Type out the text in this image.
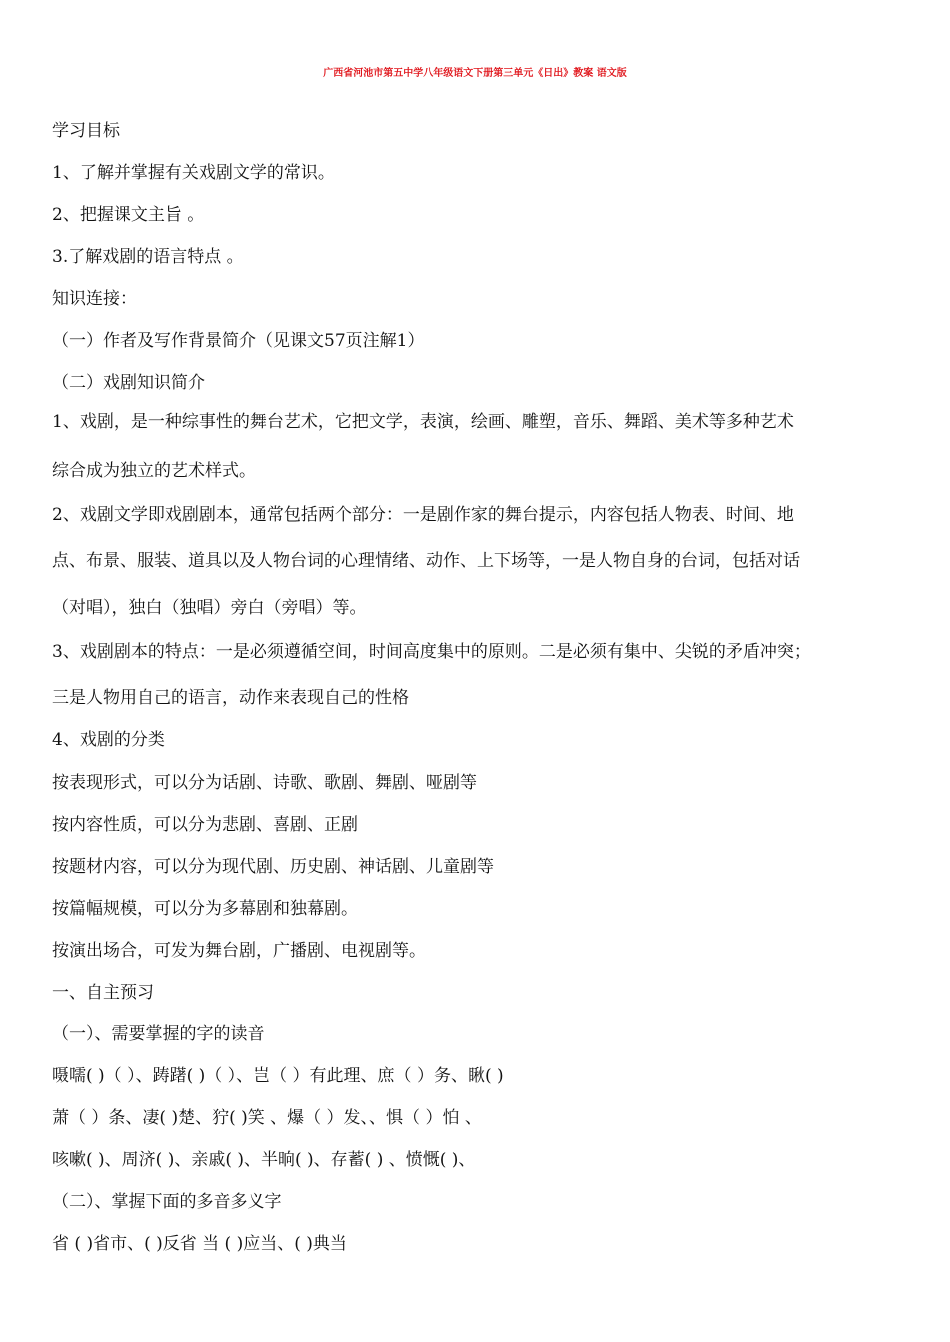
广西省河池市第五中学八年级语文下册第三单元《日出》教案 语文版
学习目标
1、了解并掌握有关戏剧文学的常识。
2、把握课文主旨 。
3.了解戏剧的语言特点 。
知识连接：
（一）作者及写作背景简介（见课文57页注解1）
（二）戏剧知识简介
1、戏剧，是一种综事性的舞台艺术，它把文学，表演，绘画、雕塑，音乐、舞蹈、美术等多种艺术
综合成为独立的艺术样式。
2、戏剧文学即戏剧剧本，通常包括两个部分：一是剧作家的舞台提示，内容包括人物表、时间、地
点、布景、服装、道具以及人物台词的心理情绪、动作、上下场等，一是人物自身的台词，包括对话
（对唱），独白（独唱）旁白（旁唱）等。
3、戏剧剧本的特点：一是必须遵循空间，时间高度集中的原则。二是必须有集中、尖锐的矛盾冲突；
三是人物用自己的语言，动作来表现自己的性格
4、戏剧的分类
按表现形式，可以分为话剧、诗歌、歌剧、舞剧、哑剧等
按内容性质，可以分为悲剧、喜剧、正剧
按题材内容，可以分为现代剧、历史剧、神话剧、儿童剧等
按篇幅规模，可以分为多幕剧和独幕剧。
按演出场合，可发为舞台剧，广播剧、电视剧等。
一、自主预习
（一）、需要掌握的字的读音
嗫嚅( )（ ）、踌躇( )（ ）、岂（ ）有此理、庶（ ）务、瞅( )
萧（ ）条、凄( )楚、狞( )笑 、爆（ ）发、、惧（ ）怕 、
咳嗽( )、周济( )、亲戚( )、半晌( )、存蓄( ) 、愤慨( )、
（二）、掌握下面的多音多义字
省 ( )省市、( )反省 当 ( )应当、( )典当
